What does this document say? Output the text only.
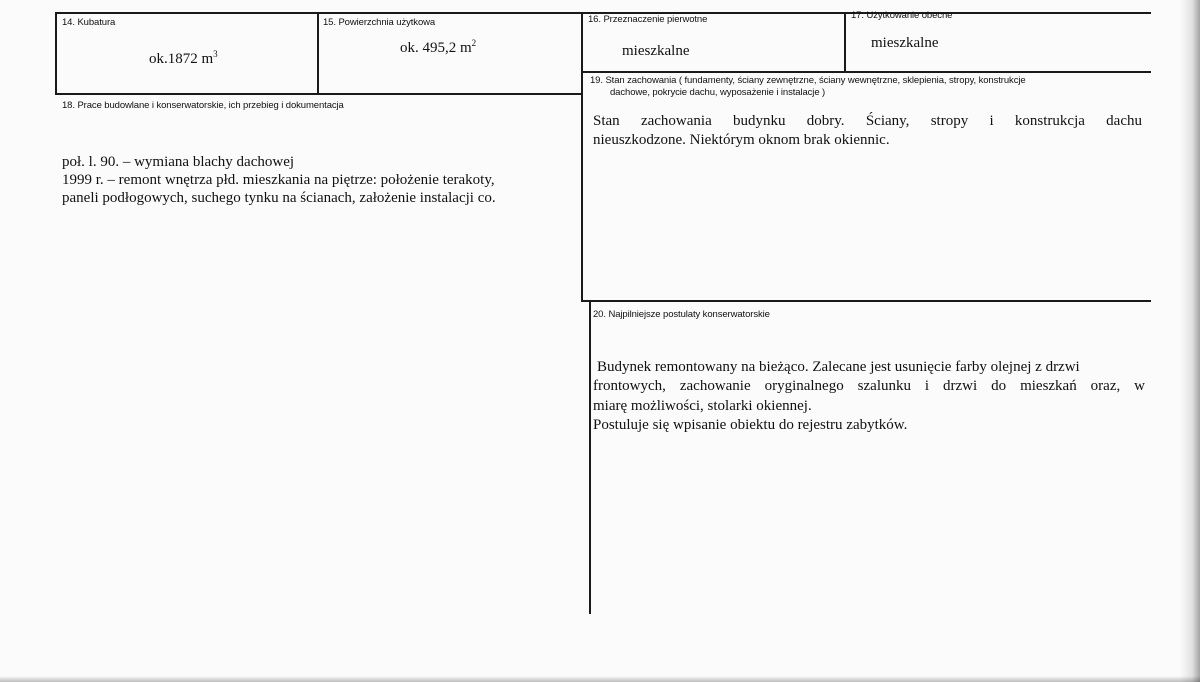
14. Kubatura
ok.1872 $m^3$
15. Powierzchnia użytkowa
ok. 495,2 $m^2$
16. Przeznaczenie pierwotne
mieszkalne
17. Użytkowanie obecne
mieszkalne
18. Prace budowlane i konserwatorskie, ich przebieg i dokumentacja
poł. l. 90. – wymiana blachy dachowej
1999 r. – remont wnętrza płd. mieszkania na piętrze: położenie terakoty,
paneli podłogowych, suchego tynku na ścianach, założenie instalacji co.
19. Stan zachowania ( fundamenty, ściany zewnętrzne, ściany wewnętrzne, sklepienia, stropy, konstrukcje
dachowe, pokrycie dachu, wyposażenie i instalacje )
Stan zachowania budynku dobry. Ściany, stropy i konstrukcja dachu
nieuszkodzone. Niektórym oknom brak okiennic.
20. Najpilniejsze postulaty konserwatorskie
Budynek remontowany na bieżąco. Zalecane jest usunięcie farby olejnej z drzwi
frontowych, zachowanie oryginalnego szalunku i drzwi do mieszkań oraz, w
miarę możliwości, stolarki okiennej.
Postuluje się wpisanie obiektu do rejestru zabytków.
